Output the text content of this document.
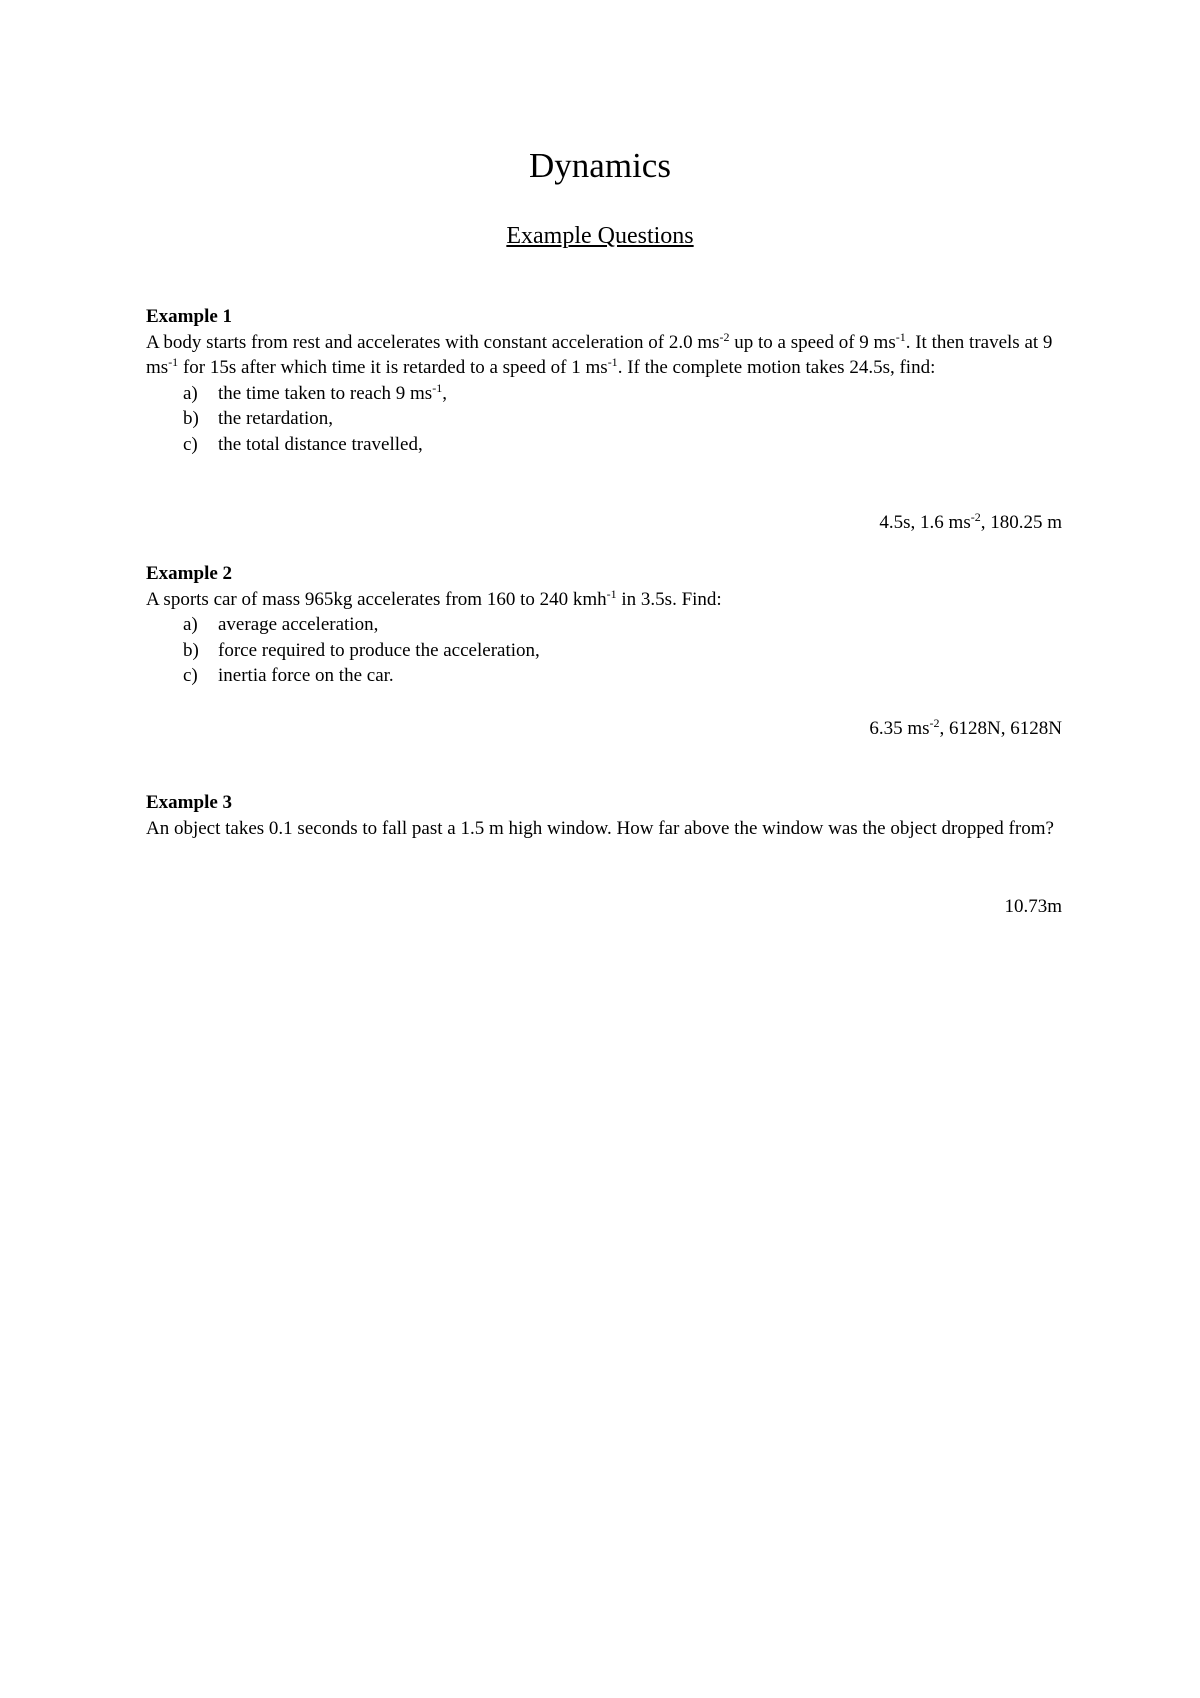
Dynamics
Example Questions
Example 1
A body starts from rest and accelerates with constant acceleration of 2.0 $ms^{-2}$ up to a speed of 9 $ms^{-1}$. It then travels at 9 $ms^{-1}$ for 15s after which time it is retarded to a speed of 1 $ms^{-1}$. If the complete motion takes 24.5s, find:
a)	the time taken to reach 9 $ms^{-1}$,
b)	the retardation,
c)	the total distance travelled,
4.5s, 1.6 $ms^{-2}$, 180.25 m
Example 2
A sports car of mass 965kg accelerates from 160 to 240 kmh$^{-1}$ in 3.5s. Find:
a)	average acceleration,
b)	force required to produce the acceleration,
c)	inertia force on the car.
6.35 $ms^{-2}$, 6128N, 6128N
Example 3
An object takes 0.1 seconds to fall past a 1.5 m high window. How far above the window was the object dropped from?
10.73m
